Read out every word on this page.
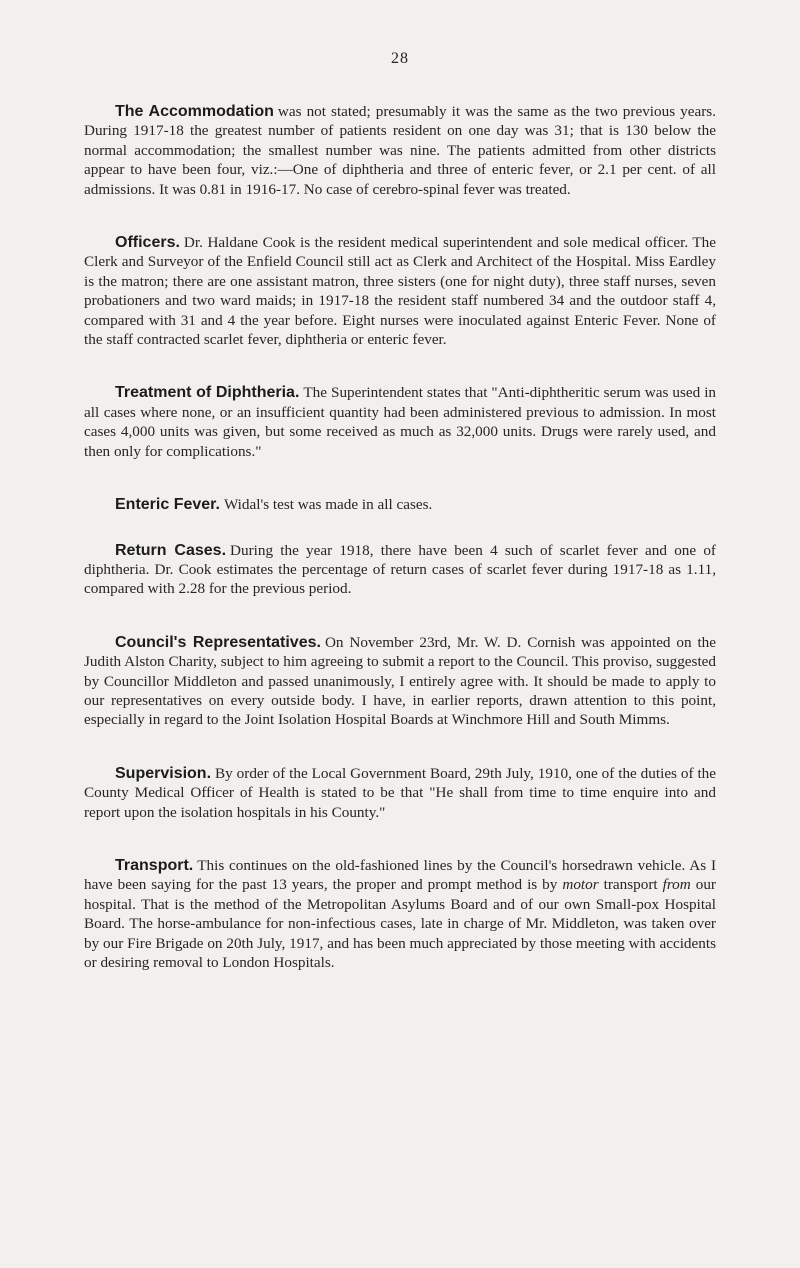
28

The Accommodation was not stated; presumably it was the same as the two previous years. During 1917-18 the greatest number of patients resident on one day was 31; that is 130 below the normal accommodation; the smallest number was nine. The patients admitted from other districts appear to have been four, viz.:—One of diphtheria and three of enteric fever, or 2.1 per cent. of all admissions. It was 0.81 in 1916-17. No case of cerebro-spinal fever was treated.

Officers. Dr. Haldane Cook is the resident medical superintendent and sole medical officer. The Clerk and Surveyor of the Enfield Council still act as Clerk and Architect of the Hospital. Miss Eardley is the matron; there are one assistant matron, three sisters (one for night duty), three staff nurses, seven probationers and two ward maids; in 1917-18 the resident staff numbered 34 and the outdoor staff 4, compared with 31 and 4 the year before. Eight nurses were inoculated against Enteric Fever. None of the staff contracted scarlet fever, diphtheria or enteric fever.

Treatment of Diphtheria. The Superintendent states that "Anti-diphtheritic serum was used in all cases where none, or an insufficient quantity had been administered previous to admission. In most cases 4,000 units was given, but some received as much as 32,000 units. Drugs were rarely used, and then only for complications."

Enteric Fever. Widal's test was made in all cases.

Return Cases. During the year 1918, there have been 4 such of scarlet fever and one of diphtheria. Dr. Cook estimates the percentage of return cases of scarlet fever during 1917-18 as 1.11, compared with 2.28 for the previous period.

Council's Representatives. On November 23rd, Mr. W. D. Cornish was appointed on the Judith Alston Charity, subject to him agreeing to submit a report to the Council. This proviso, suggested by Councillor Middleton and passed unanimously, I entirely agree with. It should be made to apply to our representatives on every outside body. I have, in earlier reports, drawn attention to this point, especially in regard to the Joint Isolation Hospital Boards at Winchmore Hill and South Mimms.

Supervision. By order of the Local Government Board, 29th July, 1910, one of the duties of the County Medical Officer of Health is stated to be that "He shall from time to time enquire into and report upon the isolation hospitals in his County."

Transport. This continues on the old-fashioned lines by the Council's horsedrawn vehicle. As I have been saying for the past 13 years, the proper and prompt method is by motor transport from our hospital. That is the method of the Metropolitan Asylums Board and of our own Small-pox Hospital Board. The horse-ambulance for non-infectious cases, late in charge of Mr. Middleton, was taken over by our Fire Brigade on 20th July, 1917, and has been much appreciated by those meeting with accidents or desiring removal to London Hospitals.
